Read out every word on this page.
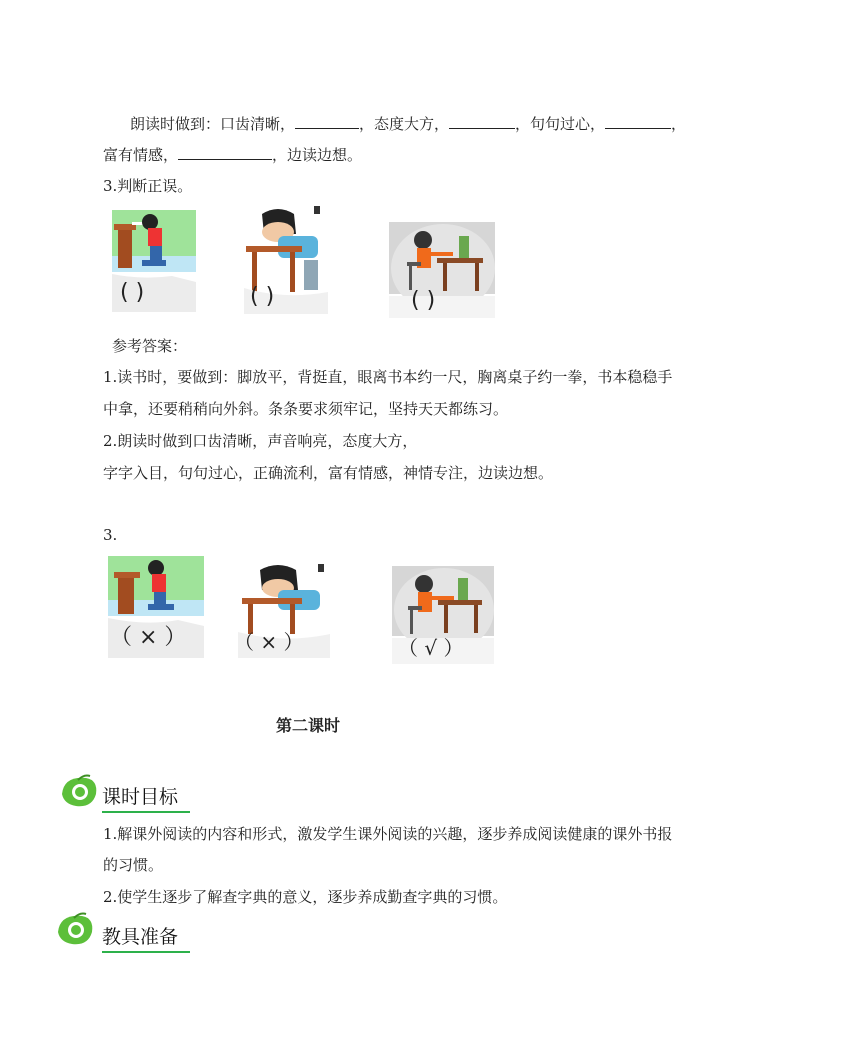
朗读时做到：口齿清晰，	，态度大方，	，句句过心，	，
富有情感，	，边读边想。
3.判断正误。
( )	( )	( )
参考答案：
1.读书时，要做到：脚放平，背挺直，眼离书本约一尺，胸离桌子约一拳，书本稳稳手
中拿，还要稍稍向外斜。条条要求须牢记，坚持天天都练习。
2.朗读时做到口齿清晰，声音响亮，态度大方，
字字入目，句句过心，正确流利，富有情感，神情专注，边读边想。
3.
（ × ） （ × ）	（ √ ）
第二课时
课时目标
1.解课外阅读的内容和形式，激发学生课外阅读的兴趣，逐步养成阅读健康的课外书报
的习惯。
2.使学生逐步了解查字典的意义，逐步养成勤查字典的习惯。
教具准备
